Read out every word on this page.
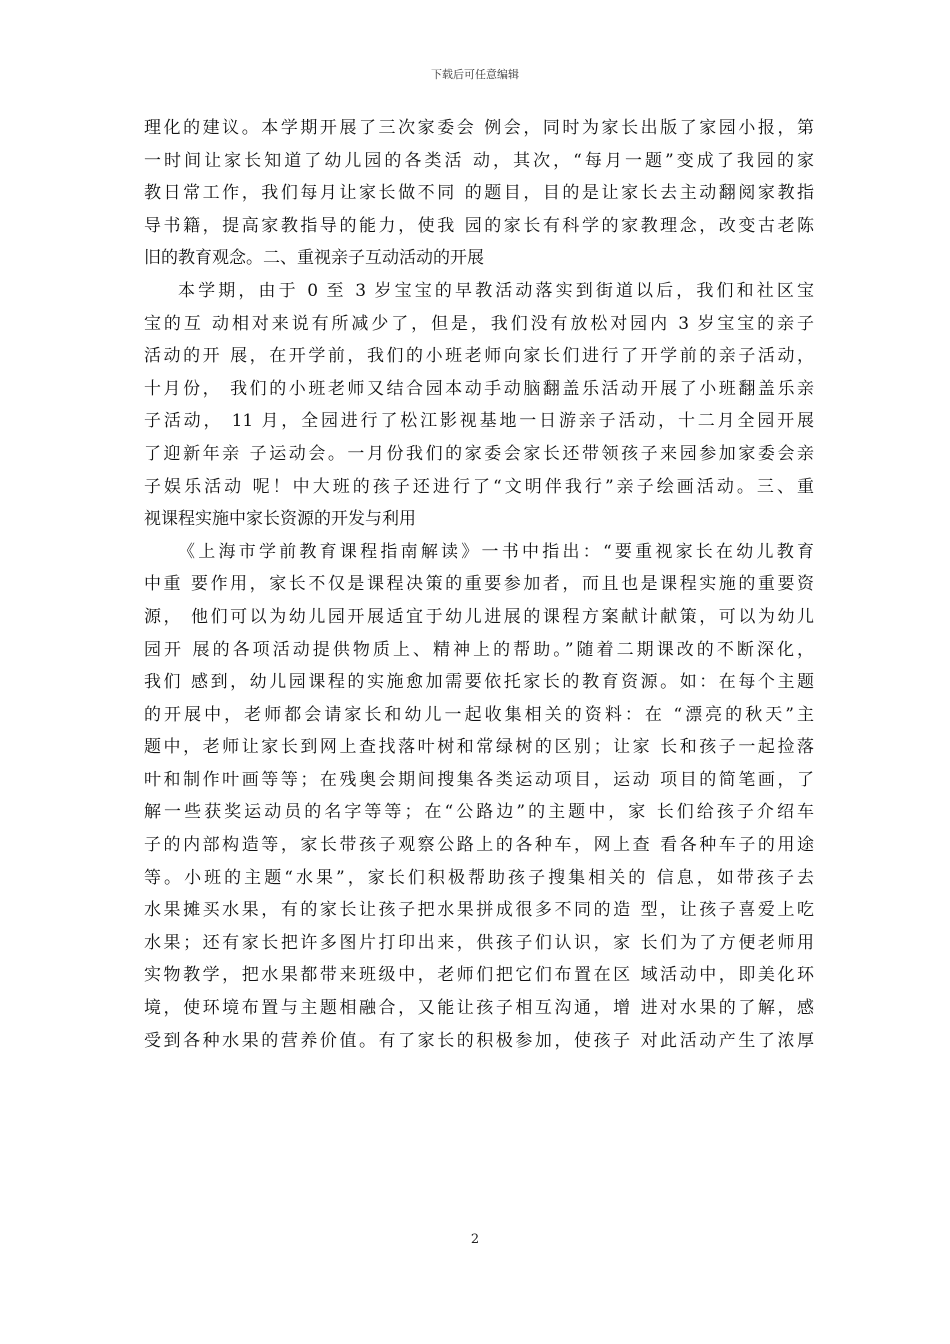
下载后可任意编辑

理化的建议。本学期开展了三次家委会 例会，同时为家长出版了家园小报，第

一时间让家长知道了幼儿园的各类活 动，其次，“每月一题”变成了我园的家

教日常工作，我们每月让家长做不同 的题目，目的是让家长去主动翻阅家教指

导书籍，提高家教指导的能力，使我 园的家长有科学的家教理念，改变古老陈

旧的教育观念。二、重视亲子互动活动的开展

本学期，由于 0 至 3 岁宝宝的早教活动落实到街道以后，我们和社区宝

宝的互 动相对来说有所减少了，但是，我们没有放松对园内 3 岁宝宝的亲子

活动的开 展，在开学前，我们的小班老师向家长们进行了开学前的亲子活动，

十月份， 我们的小班老师又结合园本动手动脑翻盖乐活动开展了小班翻盖乐亲

子活动， 11 月，全园进行了松江影视基地一日游亲子活动，十二月全园开展

了迎新年亲 子运动会。一月份我们的家委会家长还带领孩子来园参加家委会亲

子娱乐活动 呢！中大班的孩子还进行了“文明伴我行”亲子绘画活动。三、重

视课程实施中家长资源的开发与利用

《上海市学前教育课程指南解读》一书中指出：“要重视家长在幼儿教育

中重 要作用，家长不仅是课程决策的重要参加者，而且也是课程实施的重要资

源， 他们可以为幼儿园开展适宜于幼儿进展的课程方案献计献策，可以为幼儿

园开 展的各项活动提供物质上、精神上的帮助。”随着二期课改的不断深化，

我们 感到，幼儿园课程的实施愈加需要依托家长的教育资源。如：在每个主题

的开展中，老师都会请家长和幼儿一起收集相关的资料：在 “漂亮的秋天”主

题中，老师让家长到网上查找落叶树和常绿树的区别；让家 长和孩子一起捡落

叶和制作叶画等等；在残奥会期间搜集各类运动项目，运动 项目的简笔画，了

解一些获奖运动员的名字等等；在“公路边”的主题中，家 长们给孩子介绍车

子的内部构造等，家长带孩子观察公路上的各种车，网上查 看各种车子的用途

等。小班的主题“水果”，家长们积极帮助孩子搜集相关的 信息，如带孩子去

水果摊买水果，有的家长让孩子把水果拼成很多不同的造 型，让孩子喜爱上吃

水果；还有家长把许多图片打印出来，供孩子们认识，家 长们为了方便老师用

实物教学，把水果都带来班级中，老师们把它们布置在区 域活动中，即美化环

境，使环境布置与主题相融合，又能让孩子相互沟通，增 进对水果的了解，感

受到各种水果的营养价值。有了家长的积极参加，使孩子 对此活动产生了浓厚

2
